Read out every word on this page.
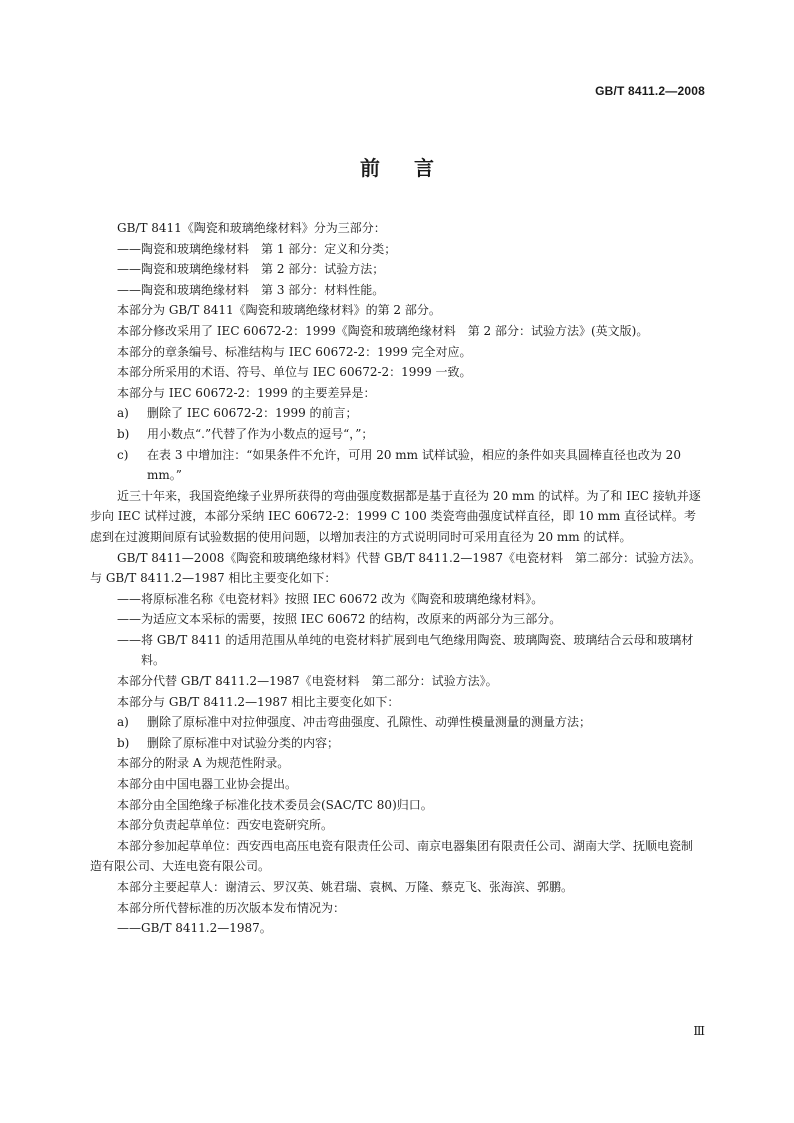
GB/T 8411.2—2008
前言

GB/T 8411《陶瓷和玻璃绝缘材料》分为三部分：

——陶瓷和玻璃绝缘材料　第 1 部分：定义和分类；

——陶瓷和玻璃绝缘材料　第 2 部分：试验方法；

——陶瓷和玻璃绝缘材料　第 3 部分：材料性能。

本部分为 GB/T 8411《陶瓷和玻璃绝缘材料》的第 2 部分。

本部分修改采用了 IEC 60672-2：1999《陶瓷和玻璃绝缘材料　第 2 部分：试验方法》(英文版)。

本部分的章条编号、标准结构与 IEC 60672-2：1999 完全对应。

本部分所采用的术语、符号、单位与 IEC 60672-2：1999 一致。

本部分与 IEC 60672-2：1999 的主要差异是：

a) 删除了 IEC 60672-2：1999 的前言；

b) 用小数点“.”代替了作为小数点的逗号“，”；

c) 在表 3 中增加注：“如果条件不允许，可用 20 mm 试样试验，相应的条件如夹具圆棒直径也改为 20 mm。”

近三十年来，我国瓷绝缘子业界所获得的弯曲强度数据都是基于直径为 20 mm 的试样。为了和 IEC 接轨并逐步向 IEC 试样过渡，本部分采纳 IEC 60672-2：1999 C 100 类瓷弯曲强度试样直径，即 10 mm 直径试样。考虑到在过渡期间原有试验数据的使用问题，以增加表注的方式说明同时可采用直径为 20 mm 的试样。

GB/T 8411—2008《陶瓷和玻璃绝缘材料》代替 GB/T 8411.2—1987《电瓷材料　第二部分：试验方法》。与 GB/T 8411.2—1987 相比主要变化如下：

——将原标准名称《电瓷材料》按照 IEC 60672 改为《陶瓷和玻璃绝缘材料》。

——为适应文本采标的需要，按照 IEC 60672 的结构，改原来的两部分为三部分。

——将 GB/T 8411 的适用范围从单纯的电瓷材料扩展到电气绝缘用陶瓷、玻璃陶瓷、玻璃结合云母和玻璃材料。

本部分代替 GB/T 8411.2—1987《电瓷材料　第二部分：试验方法》。

本部分与 GB/T 8411.2—1987 相比主要变化如下：

a) 删除了原标准中对拉伸强度、冲击弯曲强度、孔隙性、动弹性模量测量的测量方法；

b) 删除了原标准中对试验分类的内容；

本部分的附录 A 为规范性附录。

本部分由中国电器工业协会提出。

本部分由全国绝缘子标准化技术委员会(SAC/TC 80)归口。

本部分负责起草单位：西安电瓷研究所。

本部分参加起草单位：西安西电高压电瓷有限责任公司、南京电器集团有限责任公司、湖南大学、抚顺电瓷制造有限公司、大连电瓷有限公司。

本部分主要起草人：谢清云、罗汉英、姚君瑞、袁枫、万隆、蔡克飞、张海滨、郭鹏。

本部分所代替标准的历次版本发布情况为：

——GB/T 8411.2—1987。

Ⅲ
